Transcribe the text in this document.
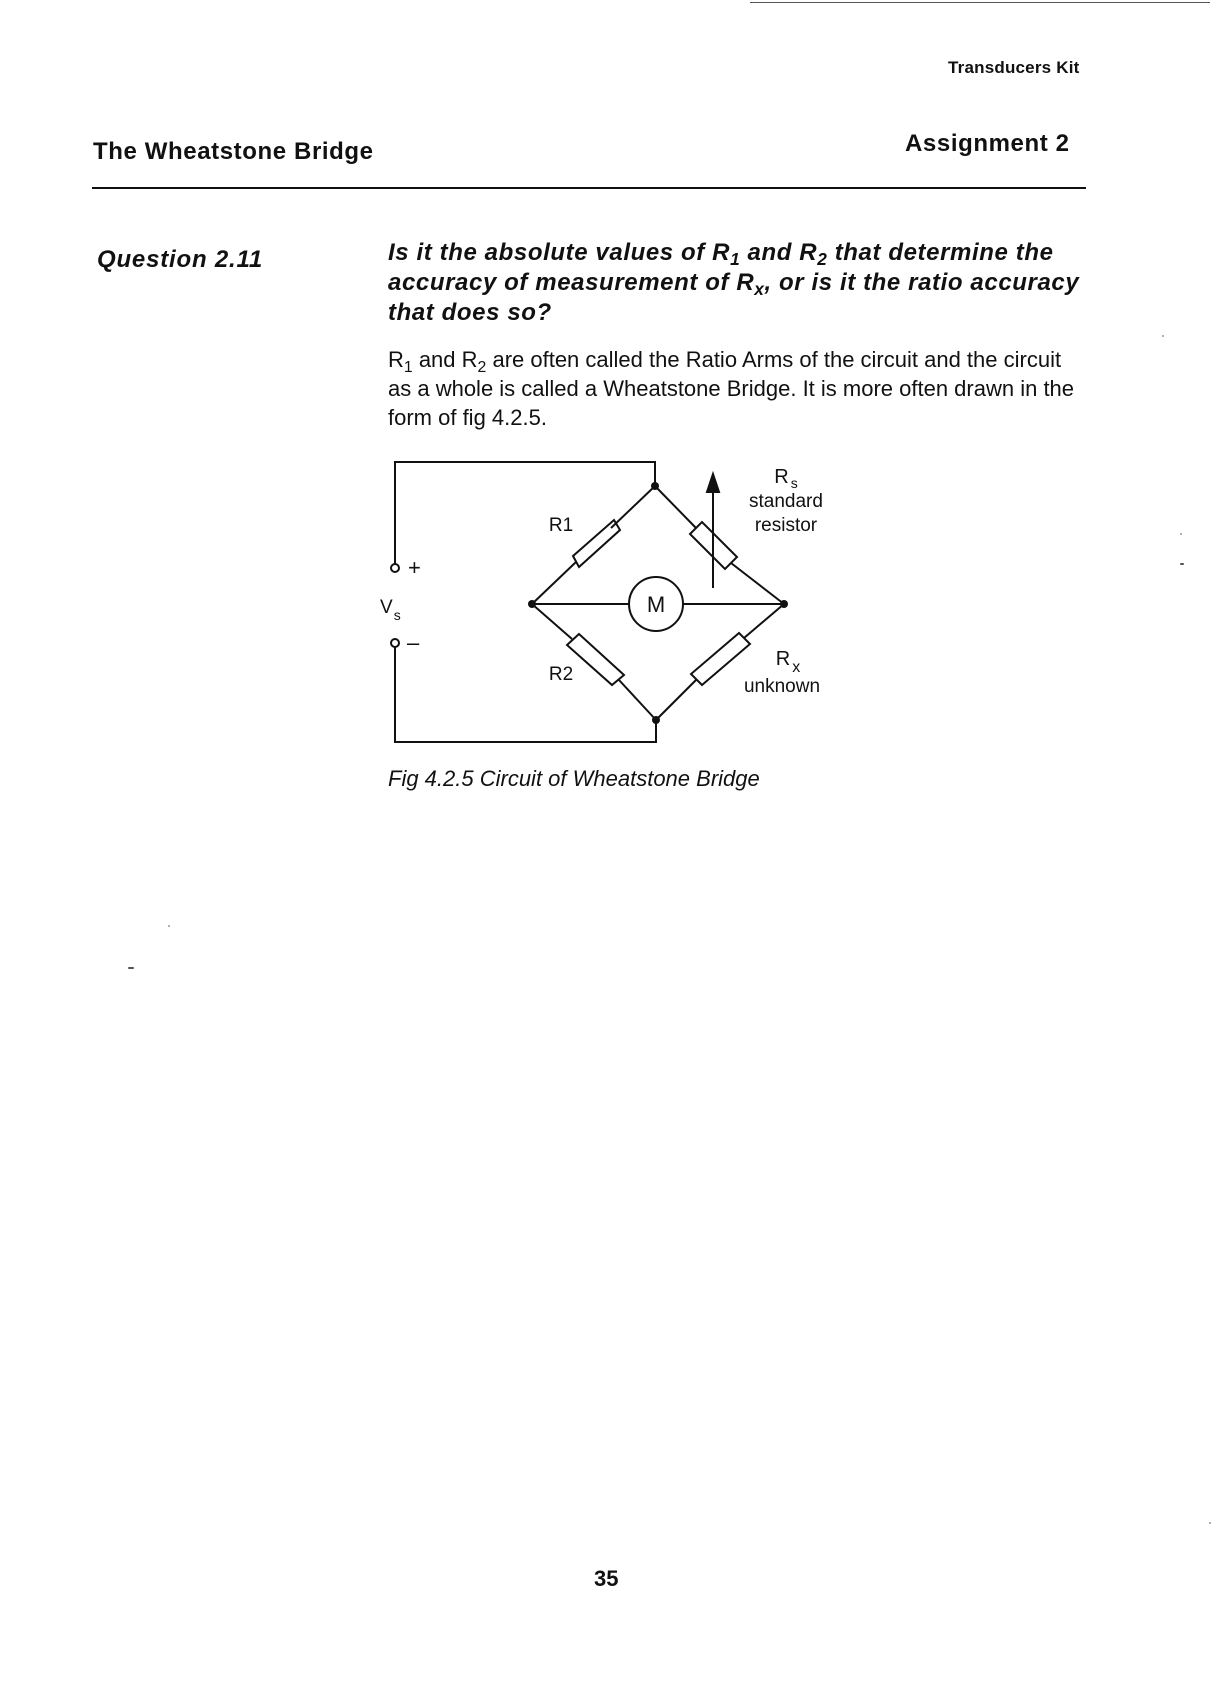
Transducers Kit
The Wheatstone Bridge	Assignment 2
Question 2.11	Is it the absolute values of $R_1$ and $R_2$ that determine the accuracy of measurement of $R_x$, or is it the ratio accuracy that does so?
$R_1$ and $R_2$ are often called the Ratio Arms of the circuit and the circuit as a whole is called a Wheatstone Bridge. It is more often drawn in the form of fig 4.2.5.
M
R1
R2
R $_s$
standard
resistor
R $_x$
unknown
+
$V_s$
–
Fig 4.2.5 Circuit of Wheatstone Bridge
35
